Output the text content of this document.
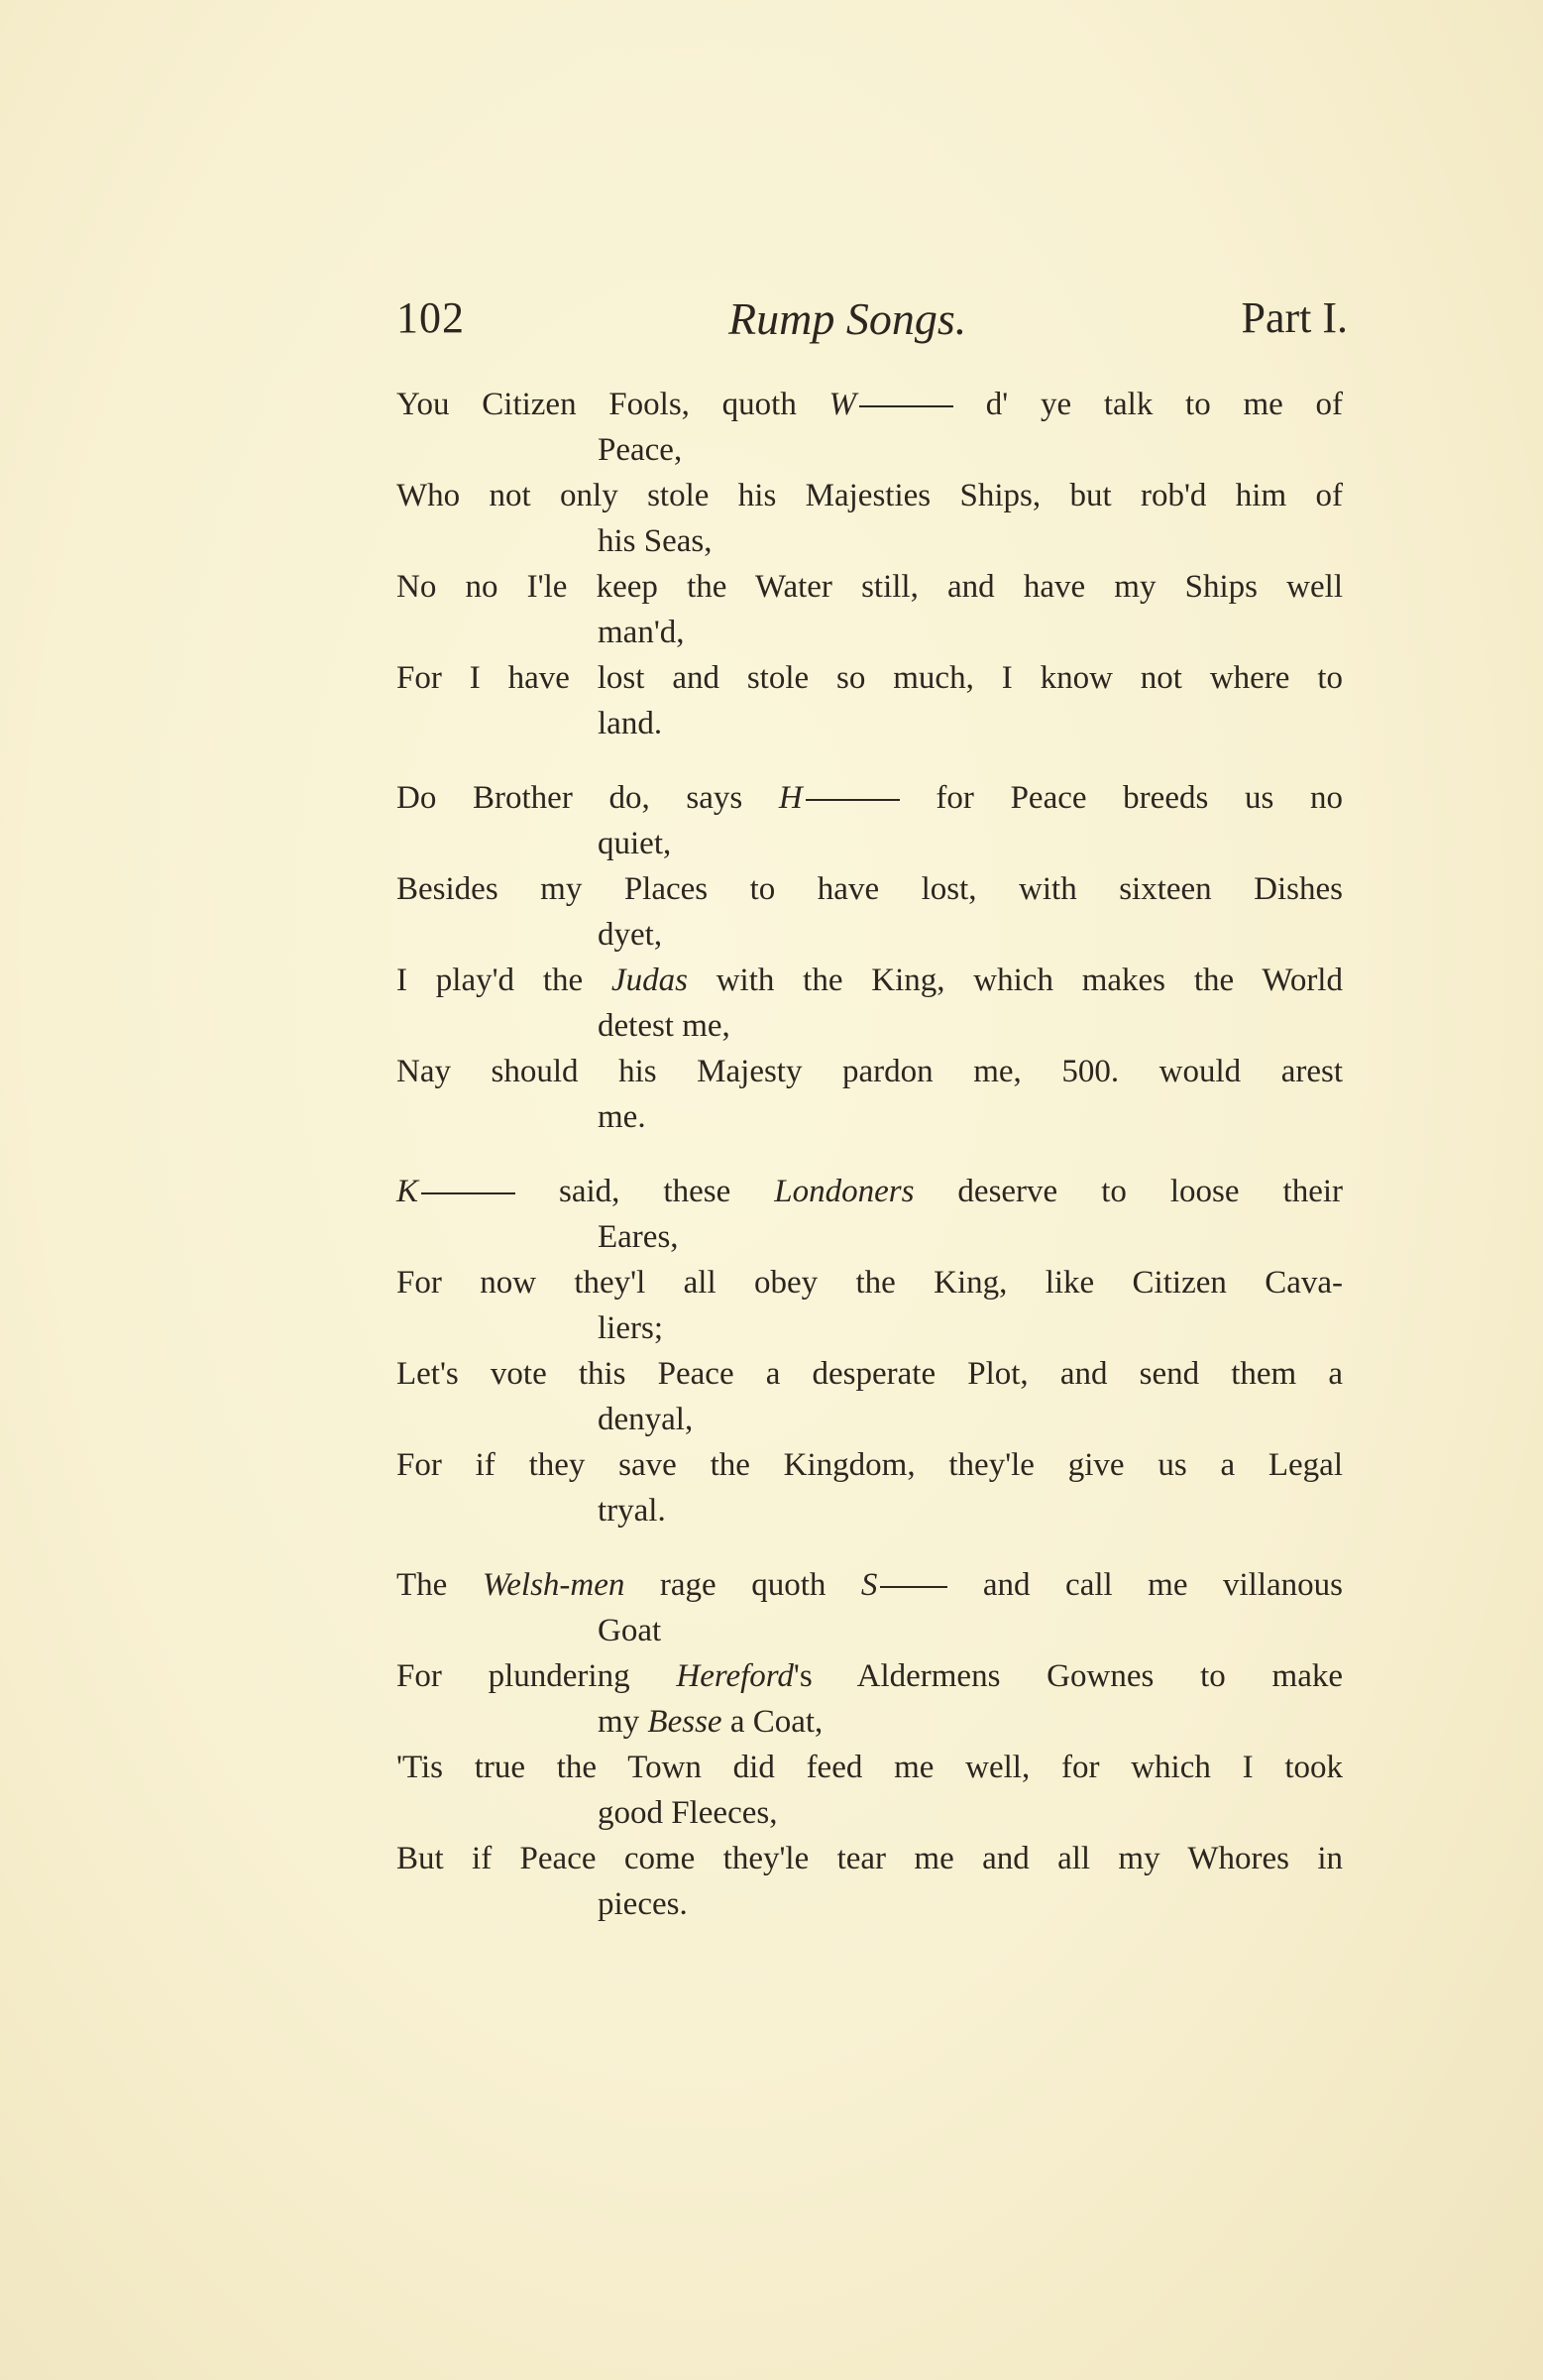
102	Rump Songs.	Part I.
You Citizen Fools, quoth W	d' ye talk to me of
Peace,
Who not only stole his Majesties Ships, but rob'd him of
his Seas,
No no I'le keep the Water still, and have my Ships well
man'd,
For I have lost and stole so much, I know not where to
land.
Do Brother do, says H	for Peace breeds us no
quiet,
Besides my Places to have lost, with sixteen Dishes
dyet,
I play'd the Judas with the King, which makes the World
detest me,
Nay should his Majesty pardon me, 500. would arest
me.
K	said, these Londoners deserve to loose their
Eares,
For now they'l all obey the King, like Citizen Cava-
liers;
Let's vote this Peace a desperate Plot, and send them a
denyal,
For if they save the Kingdom, they'le give us a Legal
tryal.
The Welsh-men rage quoth S and call me villanous
Goat
For plundering Hereford's Aldermens Gownes to make
my Besse a Coat,
'Tis true the Town did feed me well, for which I took
good Fleeces,
But if Peace come they'le tear me and all my Whores in
pieces.
